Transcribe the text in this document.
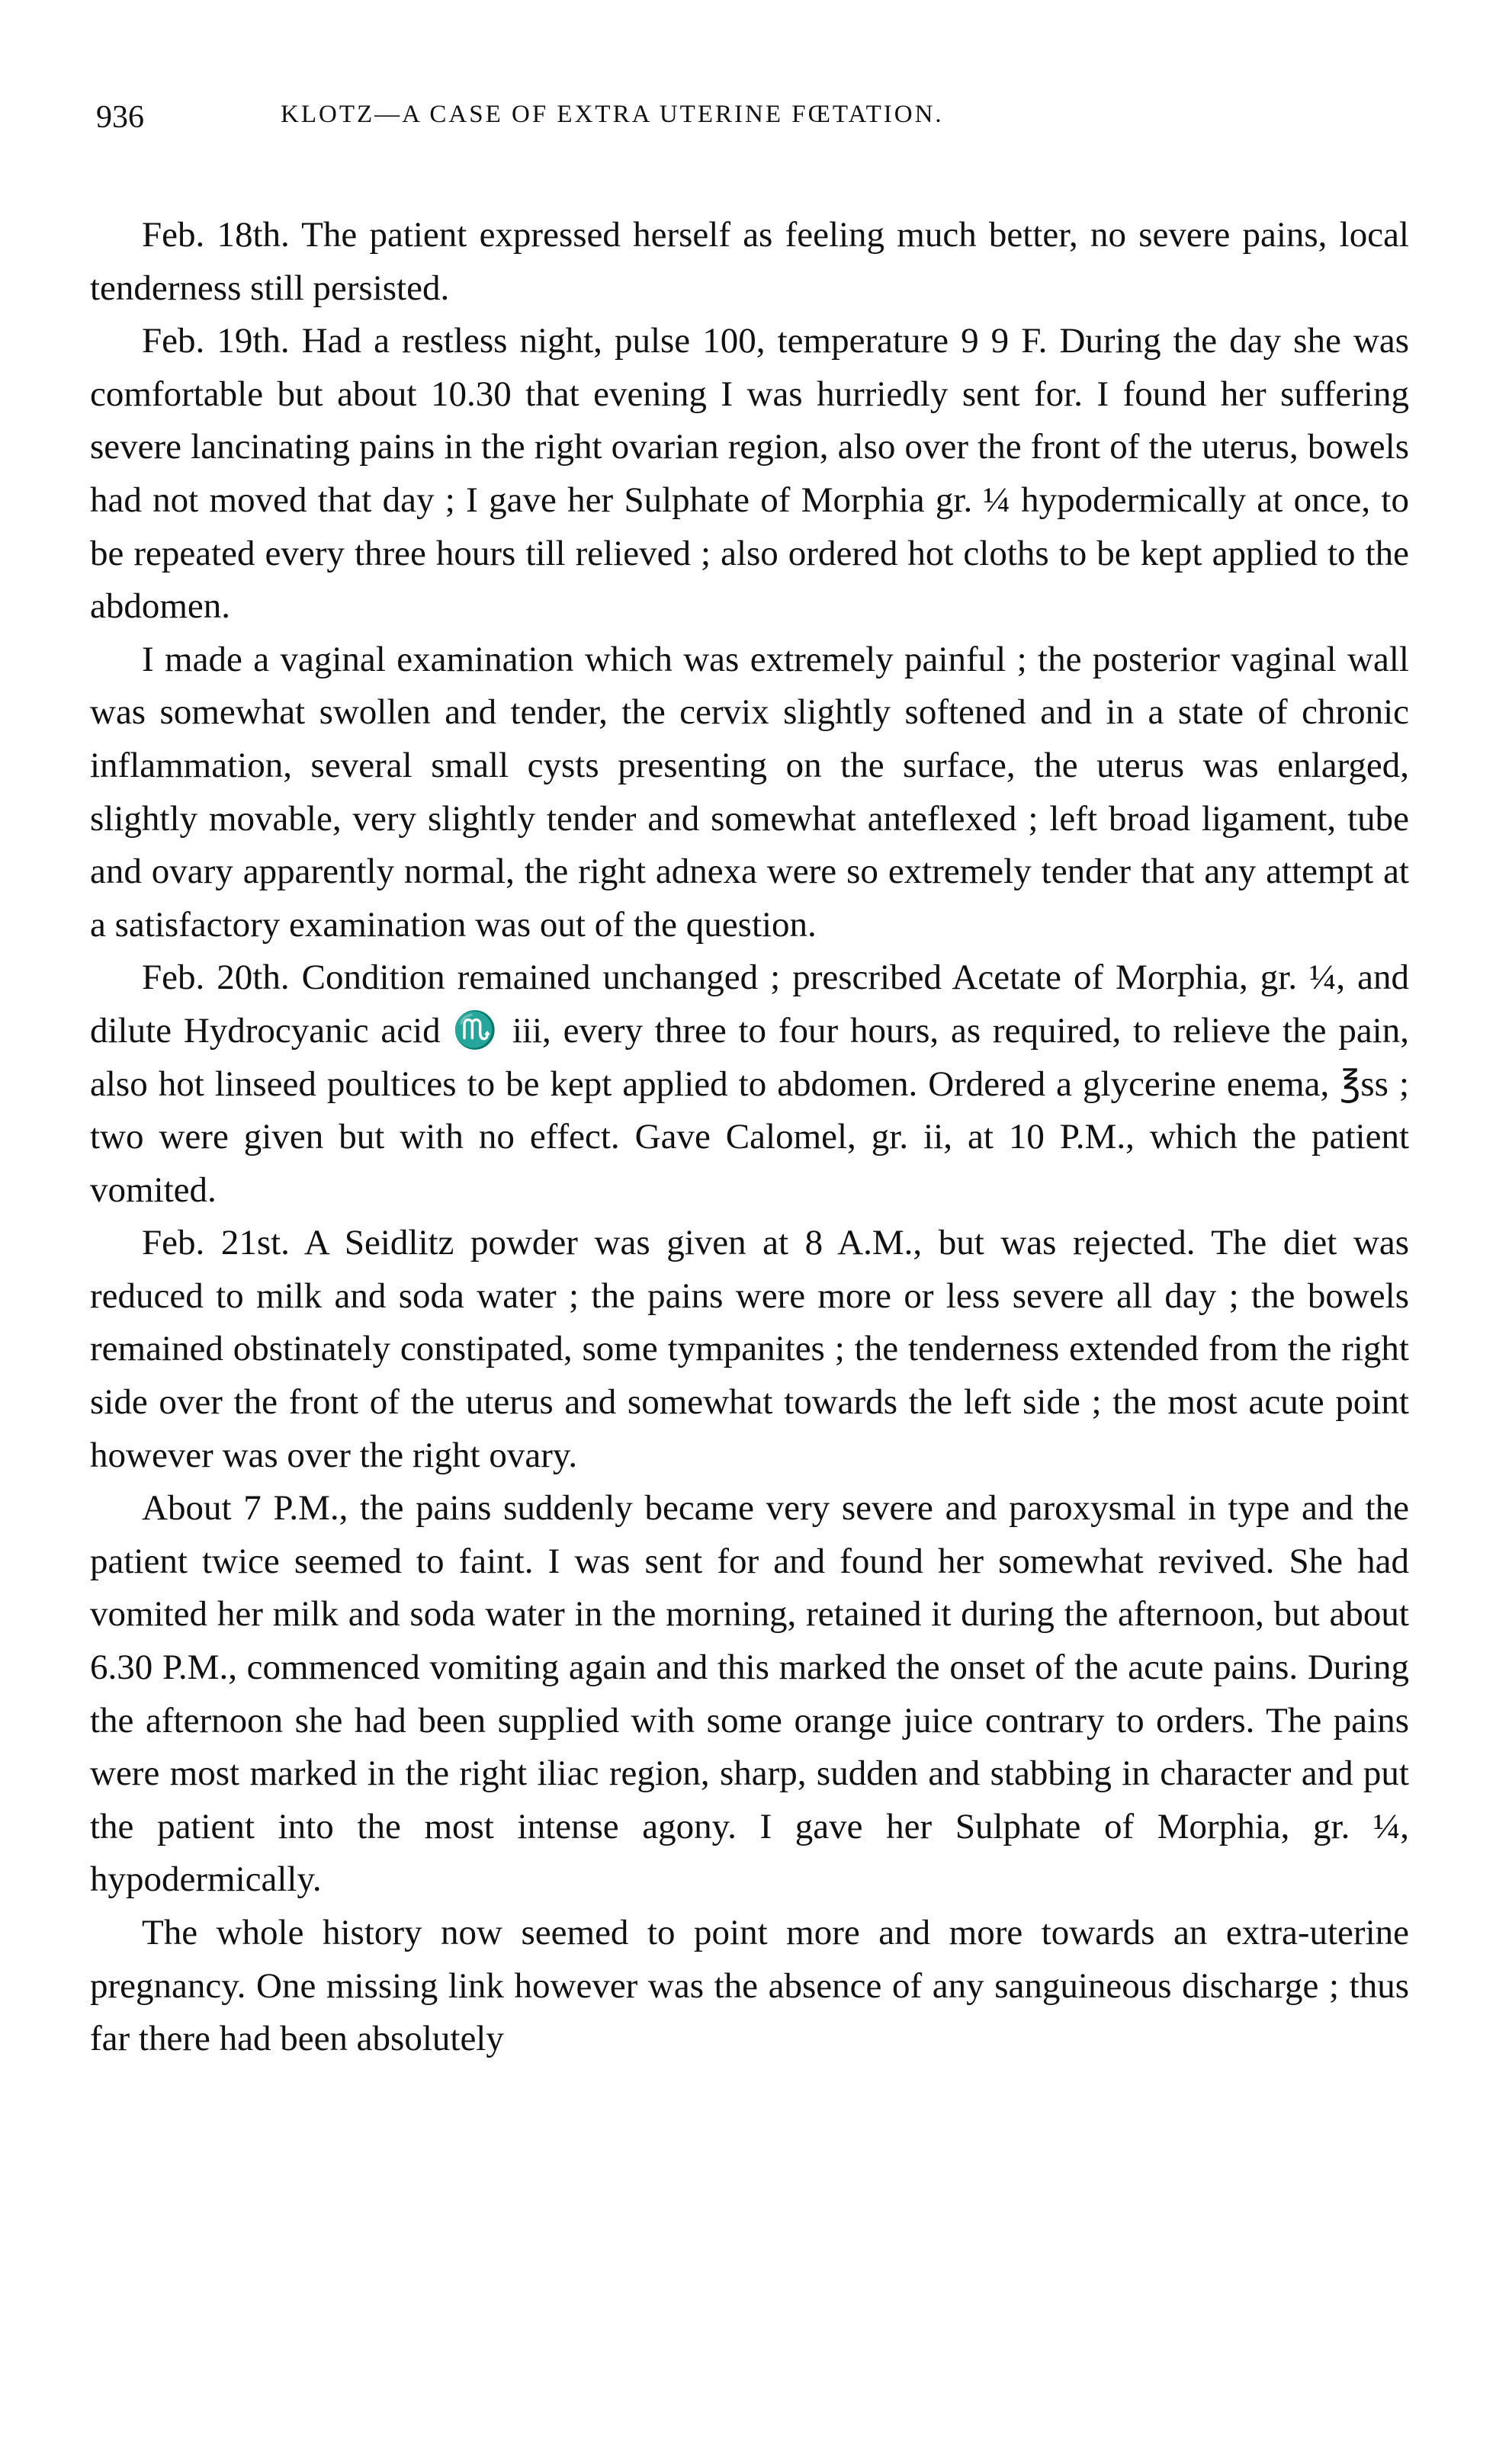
936	KLOTZ—A CASE OF EXTRA UTERINE FŒTATION.

Feb. 18th. The patient expressed herself as feeling much better, no severe pains, local tenderness still persisted.

Feb. 19th. Had a restless night, pulse 100, temperature 9 9 F. During the day she was comfortable but about 10.30 that evening I was hurriedly sent for. I found her suffering severe lancinating pains in the right ovarian region, also over the front of the uterus, bowels had not moved that day ; I gave her Sulphate of Morphia gr. ¼ hypodermically at once, to be repeated every three hours till relieved ; also ordered hot cloths to be kept applied to the abdomen.

I made a vaginal examination which was extremely painful ; the posterior vaginal wall was somewhat swollen and tender, the cervix slightly softened and in a state of chronic inflammation, several small cysts presenting on the surface, the uterus was enlarged, slightly movable, very slightly tender and somewhat anteflexed ; left broad ligament, tube and ovary apparently normal, the right adnexa were so extremely tender that any attempt at a satisfactory examination was out of the question.

Feb. 20th. Condition remained unchanged ; prescribed Acetate of Morphia, gr. ¼, and dilute Hydrocyanic acid ♏ iii, every three to four hours, as required, to relieve the pain, also hot linseed poultices to be kept applied to abdomen. Ordered a glycerine enema, ℥ss ; two were given but with no effect. Gave Calomel, gr. ii, at 10 P.M., which the patient vomited.

Feb. 21st. A Seidlitz powder was given at 8 A.M., but was rejected. The diet was reduced to milk and soda water ; the pains were more or less severe all day ; the bowels remained obstinately constipated, some tympanites ; the tenderness extended from the right side over the front of the uterus and somewhat towards the left side ; the most acute point however was over the right ovary.

About 7 P.M., the pains suddenly became very severe and paroxysmal in type and the patient twice seemed to faint. I was sent for and found her somewhat revived. She had vomited her milk and soda water in the morning, retained it during the afternoon, but about 6.30 P.M., commenced vomiting again and this marked the onset of the acute pains. During the afternoon she had been supplied with some orange juice contrary to orders. The pains were most marked in the right iliac region, sharp, sudden and stabbing in character and put the patient into the most intense agony. I gave her Sulphate of Morphia, gr. ¼, hypodermically.

The whole history now seemed to point more and more towards an extra-uterine pregnancy. One missing link however was the absence of any sanguineous discharge ; thus far there had been absolutely
